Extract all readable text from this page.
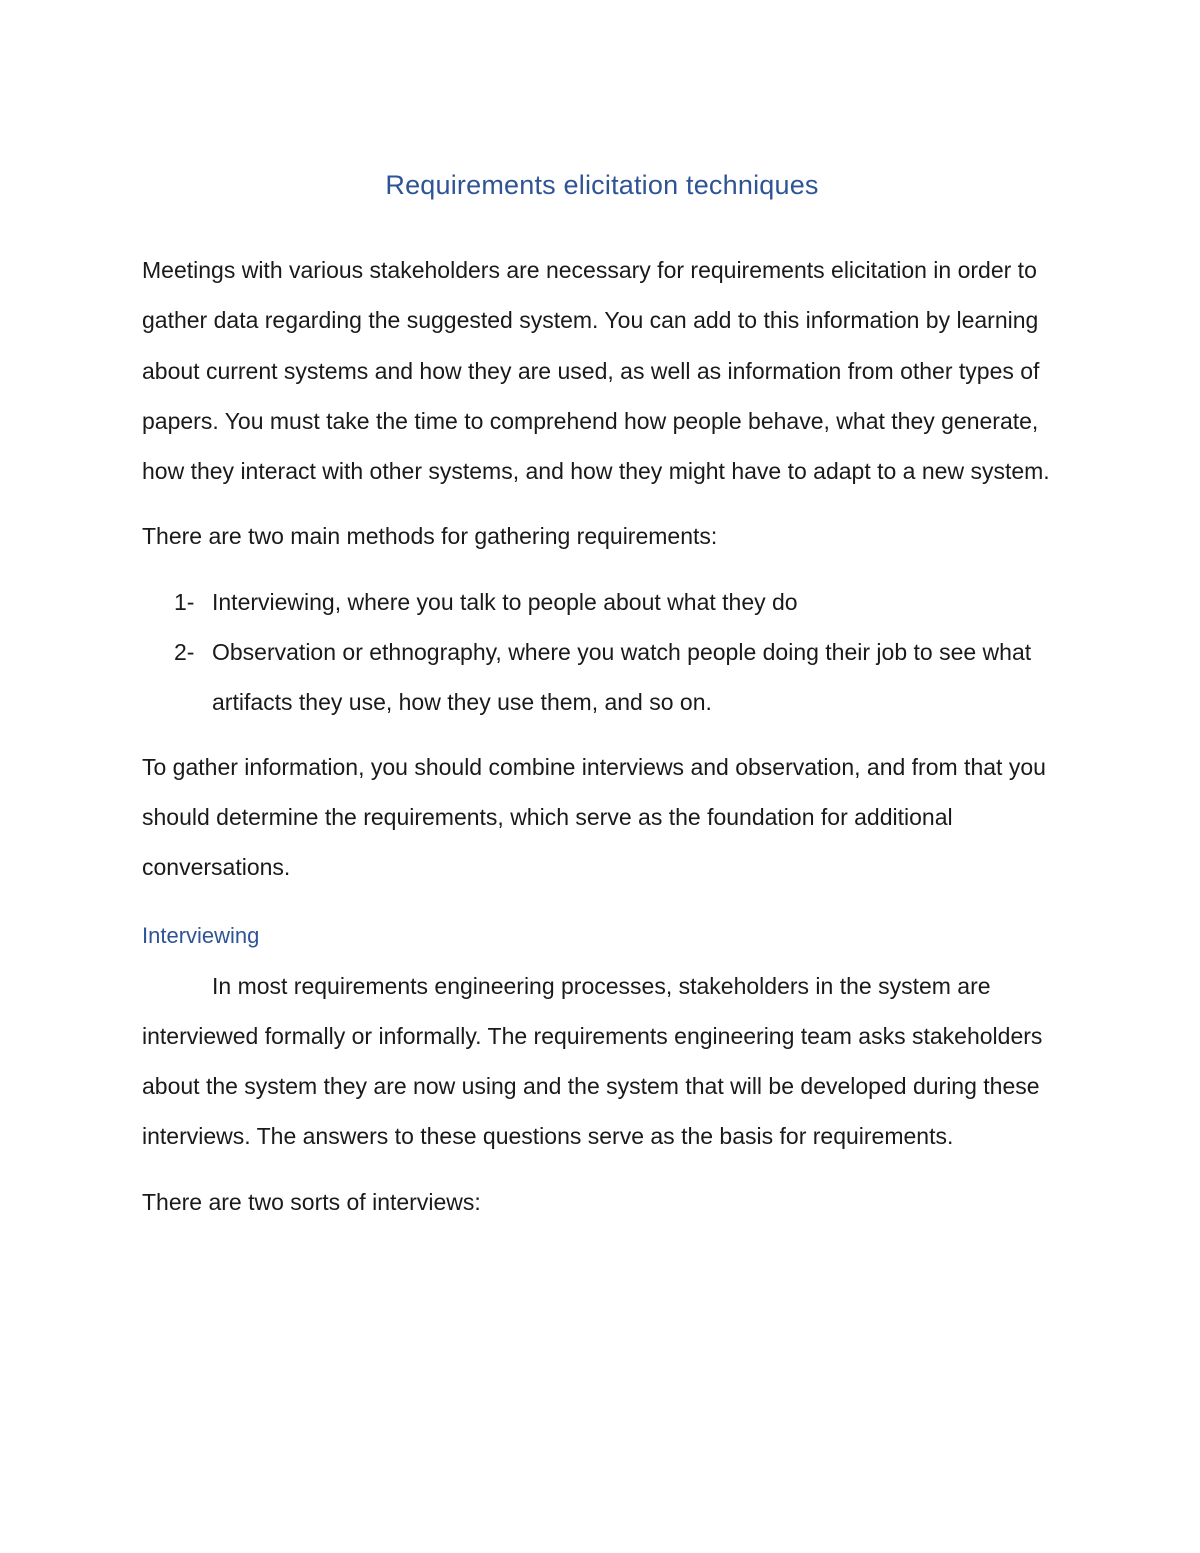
Requirements elicitation techniques

Meetings with various stakeholders are necessary for requirements elicitation in order to gather data regarding the suggested system. You can add to this information by learning about current systems and how they are used, as well as information from other types of papers. You must take the time to comprehend how people behave, what they generate, how they interact with other systems, and how they might have to adapt to a new system.

There are two main methods for gathering requirements:

1- Interviewing, where you talk to people about what they do
2- Observation or ethnography, where you watch people doing their job to see what artifacts they use, how they use them, and so on.

To gather information, you should combine interviews and observation, and from that you should determine the requirements, which serve as the foundation for additional conversations.

Interviewing

In most requirements engineering processes, stakeholders in the system are interviewed formally or informally. The requirements engineering team asks stakeholders about the system they are now using and the system that will be developed during these interviews. The answers to these questions serve as the basis for requirements.

There are two sorts of interviews:
